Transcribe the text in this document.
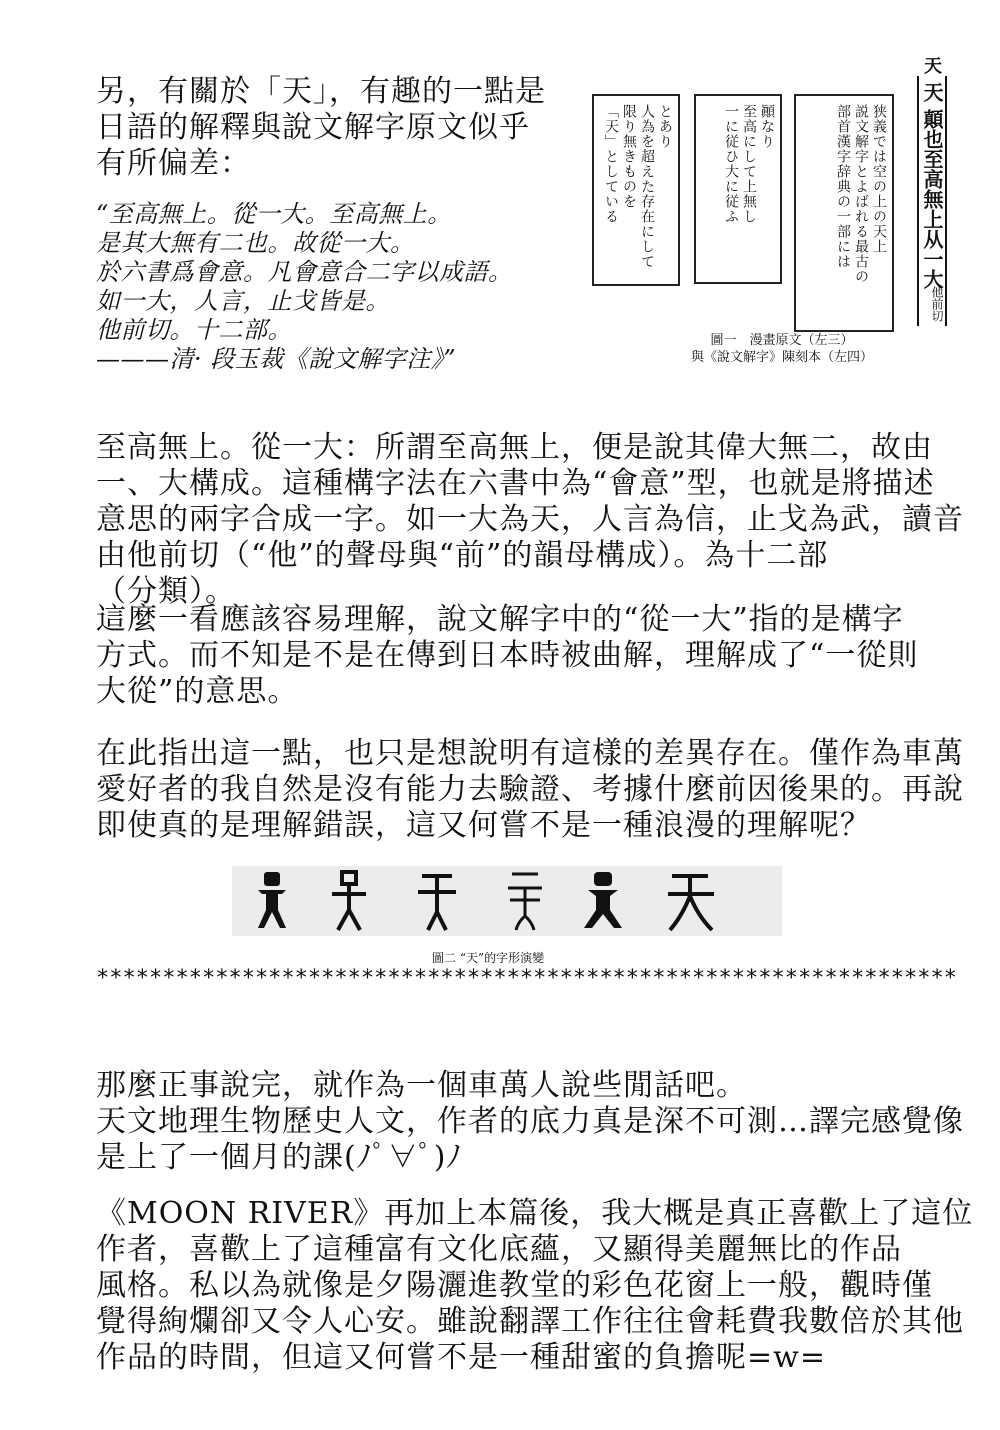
另，有關於「天」，有趣的一點是
日語的解釋與說文解字原文似乎
有所偏差：
“至高無上。從一大。至高無上。
是其大無有二也。故從一大。
於六書爲會意。凡會意合二字以成語。
如一大，人言，止戈皆是。
他前切。十二部。
———清· 段玉裁《說文解字注》”
狭義では空の上の天上
説文解字とよばれる最古の
部首漢字辞典の一部には
顚なり
至高にして上無し
一に従ひ大に従ふ
とあり
人為を超えた存在にして
限り無きものを
「天」としている
天
天 顛也至高無上从一大
他前切
圖一　漫畫原文（左三）
與《說文解字》陳刻本（左四）
至高無上。從一大：所謂至高無上，便是說其偉大無二，故由
一、大構成。這種構字法在六書中為“會意”型，也就是將描述
意思的兩字合成一字。如一大為天，人言為信，止戈為武，讀音
由他前切（“他”的聲母與“前”的韻母構成）。為十二部
（分類）。
這麼一看應該容易理解，說文解字中的“從一大”指的是構字
方式。而不知是不是在傳到日本時被曲解，理解成了“一從則
大從”的意思。
在此指出這一點，也只是想說明有這樣的差異存在。僅作為車萬
愛好者的我自然是沒有能力去驗證、考據什麼前因後果的。再說
即使真的是理解錯誤，這又何嘗不是一種浪漫的理解呢？
圖二 “天”的字形演變
*****************************************************************
那麼正事說完，就作為一個車萬人說些閒話吧。
天文地理生物歷史人文，作者的底力真是深不可測…譯完感覺像
是上了一個月的課(ﾉﾟ∀ﾟ)ﾉ
《MOON RIVER》再加上本篇後，我大概是真正喜歡上了這位
作者，喜歡上了這種富有文化底蘊，又顯得美麗無比的作品
風格。私以為就像是夕陽灑進教堂的彩色花窗上一般，觀時僅
覺得絢爛卻又令人心安。雖說翻譯工作往往會耗費我數倍於其他
作品的時間，但這又何嘗不是一種甜蜜的負擔呢=w=
